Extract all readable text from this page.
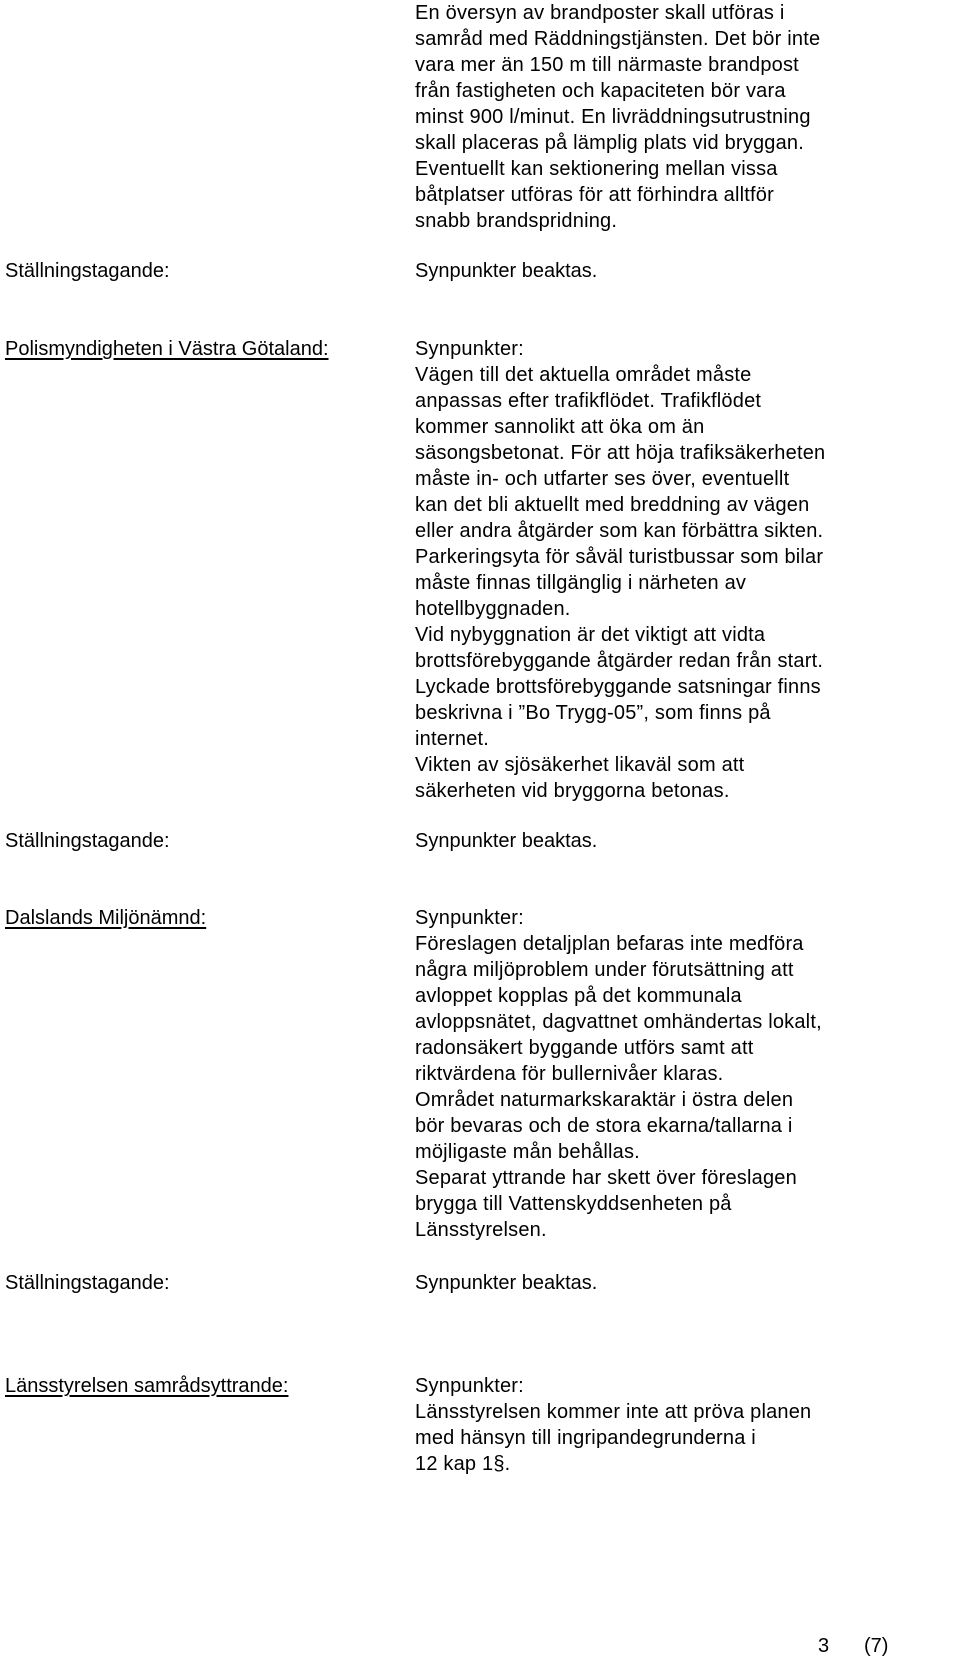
En översyn av brandposter skall utföras i
samråd med Räddningstjänsten. Det bör inte
vara mer än 150 m till närmaste brandpost
från fastigheten och kapaciteten bör vara
minst 900 l/minut. En livräddningsutrustning
skall placeras på lämplig plats vid bryggan.
Eventuellt kan sektionering mellan vissa
båtplatser utföras för att förhindra alltför
snabb brandspridning.

Ställningstagande:	Synpunkter beaktas.
Polismyndigheten i Västra Götaland:	Synpunkter:

Vägen till det aktuella området måste
anpassas efter trafikflödet. Trafikflödet
kommer sannolikt att öka om än
säsongsbetonat. För att höja trafiksäkerheten
måste in- och utfarter ses över, eventuellt
kan det bli aktuellt med breddning av vägen
eller andra åtgärder som kan förbättra sikten.

Parkeringsyta för såväl turistbussar som bilar
måste finnas tillgänglig i närheten av
hotellbyggnaden.

Vid nybyggnation är det viktigt att vidta
brottsförebyggande åtgärder redan från start.
Lyckade brottsförebyggande satsningar finns
beskrivna i ”Bo Trygg-05”, som finns på
internet.

Vikten av sjösäkerhet likaväl som att
säkerheten vid bryggorna betonas.

Ställningstagande:	Synpunkter beaktas.
Dalslands Miljönämnd:	Synpunkter:

Föreslagen detaljplan befaras inte medföra
några miljöproblem under förutsättning att
avloppet kopplas på det kommunala
avloppsnätet, dagvattnet omhändertas lokalt,
radonsäkert byggande utförs samt att
riktvärdena för bullernivåer klaras.

Området naturmarkskaraktär i östra delen
bör bevaras och de stora ekarna/tallarna i
möjligaste mån behållas.

Separat yttrande har skett över föreslagen
brygga till Vattenskyddsenheten på
Länsstyrelsen.

Ställningstagande:	Synpunkter beaktas.
Länsstyrelsen samrådsyttrande:	Synpunkter:

Länsstyrelsen kommer inte att pröva planen
med hänsyn till ingripandegrunderna i
12 kap 1§.

3 (7)
